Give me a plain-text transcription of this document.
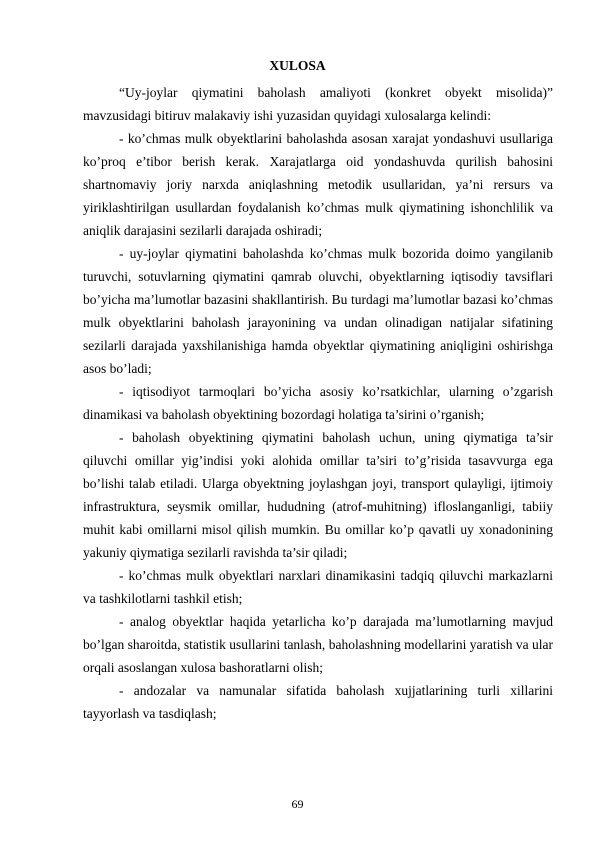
XULOSA

“Uy-joylar qiymatini baholash amaliyoti (konkret obyekt misolida)” mavzusidagi bitiruv malakaviy ishi yuzasidan quyidagi xulosalarga kelindi:

- ko’chmas mulk obyektlarini baholashda asosan xarajat yondashuvi usullariga ko’proq e’tibor berish kerak. Xarajatlarga oid yondashuvda qurilish bahosini shartnomaviy joriy narxda aniqlashning metodik usullaridan, ya’ni rersurs va yiriklashtirilgan usullardan foydalanish ko’chmas mulk qiymatining ishonchlilik va aniqlik darajasini sezilarli darajada oshiradi;

- uy-joylar qiymatini baholashda ko’chmas mulk bozorida doimo yangilanib turuvchi, sotuvlarning qiymatini qamrab oluvchi, obyektlarning iqtisodiy tavsiflari bo’yicha ma’lumotlar bazasini shakllantirish. Bu turdagi ma’lumotlar bazasi ko’chmas mulk obyektlarini baholash jarayonining va undan olinadigan natijalar sifatining sezilarli darajada yaxshilanishiga hamda obyektlar qiymatining aniqligini oshirishga asos bo’ladi;

- iqtisodiyot tarmoqlari bo’yicha asosiy ko’rsatkichlar, ularning o’zgarish dinamikasi va baholash obyektining bozordagi holatiga ta’sirini o’rganish;

- baholash obyektining qiymatini baholash uchun, uning qiymatiga ta’sir qiluvchi omillar yig’indisi yoki alohida omillar ta’siri to’g’risida tasavvurga ega bo’lishi talab etiladi. Ularga obyektning joylashgan joyi, transport qulayligi, ijtimoiy infrastruktura, seysmik omillar, hududning (atrof-muhitning) ifloslanganligi, tabiiy muhit kabi omillarni misol qilish mumkin. Bu omillar ko’p qavatli uy xonadonining yakuniy qiymatiga sezilarli ravishda ta’sir qiladi;

- ko’chmas mulk obyektlari narxlari dinamikasini tadqiq qiluvchi markazlarni va tashkilotlarni tashkil etish;

- analog obyektlar haqida yetarlicha ko’p darajada ma’lumotlarning mavjud bo’lgan sharoitda, statistik usullarini tanlash, baholashning modellarini yaratish va ular orqali asoslangan xulosa bashoratlarni olish;

- andozalar va namunalar sifatida baholash xujjatlarining turli xillarini tayyorlash va tasdiqlash;

69
